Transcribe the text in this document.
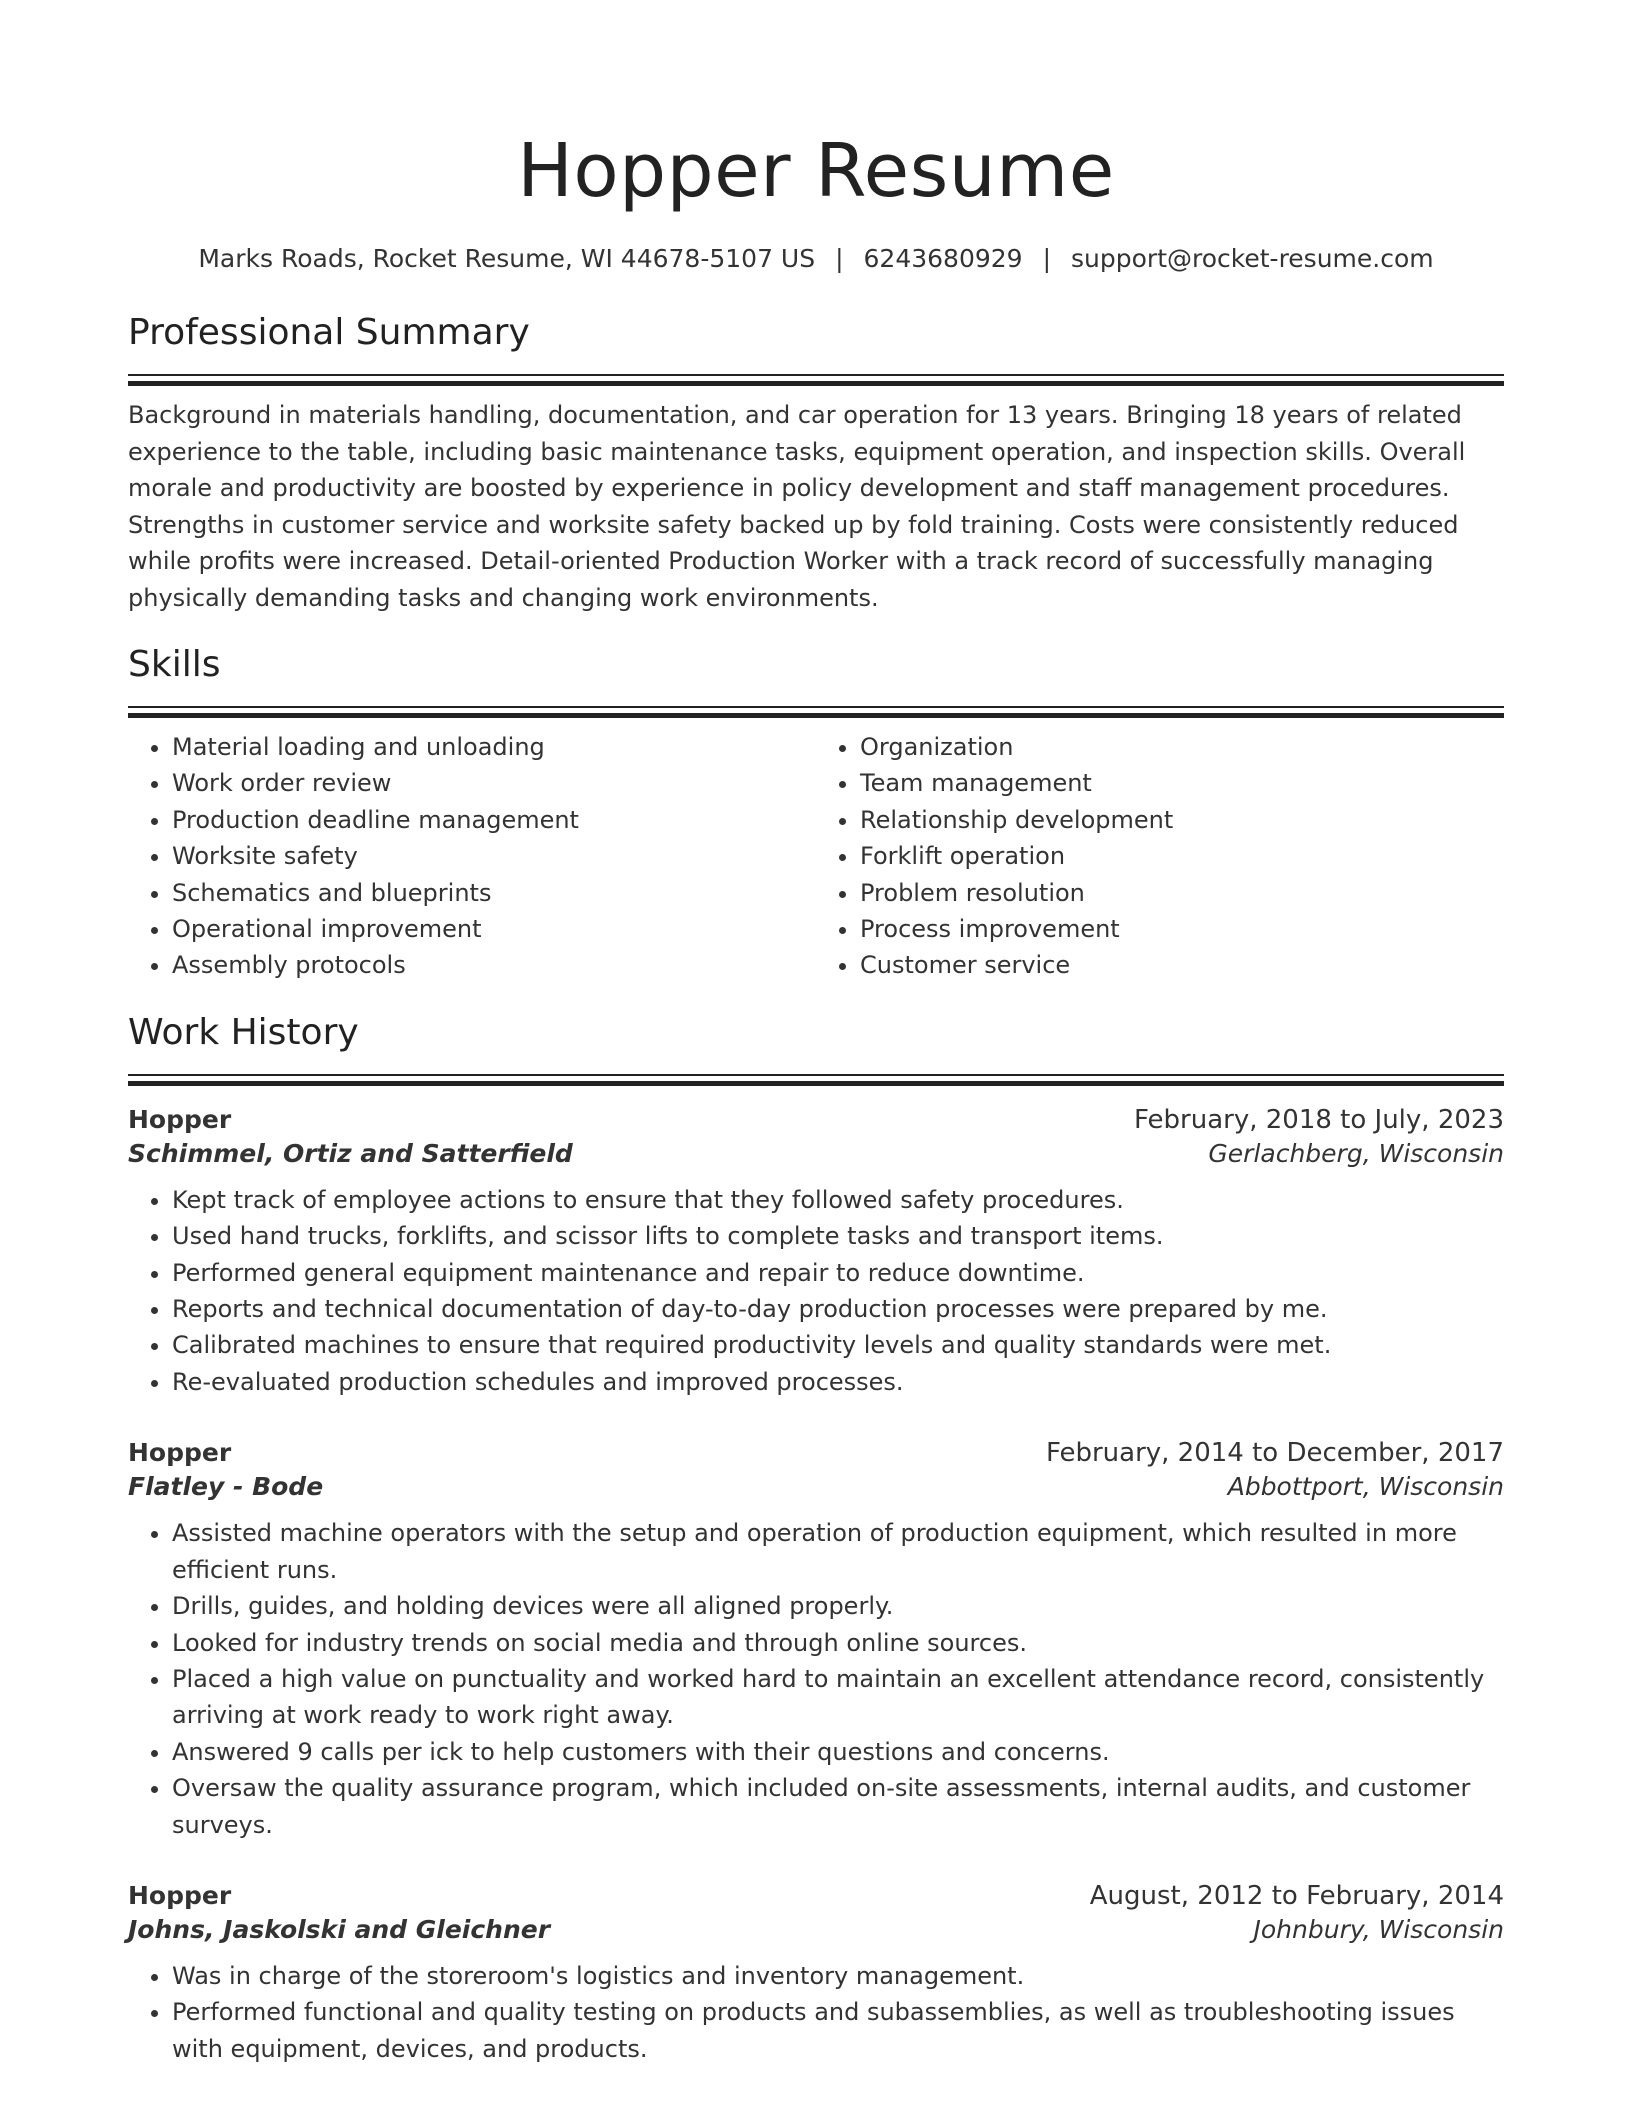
Hopper Resume
Marks Roads, Rocket Resume, WI 44678-5107 US | 6243680929 | support@rocket-resume.com
Professional Summary

Background in materials handling, documentation, and car operation for 13 years. Bringing 18 years of related experience to the table, including basic maintenance tasks, equipment operation, and inspection skills. Overall morale and productivity are boosted by experience in policy development and staff management procedures. Strengths in customer service and worksite safety backed up by fold training. Costs were consistently reduced while profits were increased. Detail-oriented Production Worker with a track record of successfully managing physically demanding tasks and changing work environments.

Skills
• Material loading and unloading
• Work order review
• Production deadline management
• Worksite safety
• Schematics and blueprints
• Operational improvement
• Assembly protocols
• Organization
• Team management
• Relationship development
• Forklift operation
• Problem resolution
• Process improvement
• Customer service
Work History
Hopper	February, 2018 to July, 2023
Schimmel, Ortiz and Satterfield	Gerlachberg, Wisconsin
• Kept track of employee actions to ensure that they followed safety procedures.
• Used hand trucks, forklifts, and scissor lifts to complete tasks and transport items.
• Performed general equipment maintenance and repair to reduce downtime.
• Reports and technical documentation of day-to-day production processes were prepared by me.
• Calibrated machines to ensure that required productivity levels and quality standards were met.
• Re-evaluated production schedules and improved processes.
Hopper	February, 2014 to December, 2017
Flatley - Bode	Abbottport, Wisconsin
• Assisted machine operators with the setup and operation of production equipment, which resulted in more efficient runs.
• Drills, guides, and holding devices were all aligned properly.
• Looked for industry trends on social media and through online sources.
• Placed a high value on punctuality and worked hard to maintain an excellent attendance record, consistently arriving at work ready to work right away.
• Answered 9 calls per ick to help customers with their questions and concerns.
• Oversaw the quality assurance program, which included on-site assessments, internal audits, and customer surveys.
Hopper	August, 2012 to February, 2014
Johns, Jaskolski and Gleichner	Johnbury, Wisconsin
• Was in charge of the storeroom's logistics and inventory management.
• Performed functional and quality testing on products and subassemblies, as well as troubleshooting issues with equipment, devices, and products.
